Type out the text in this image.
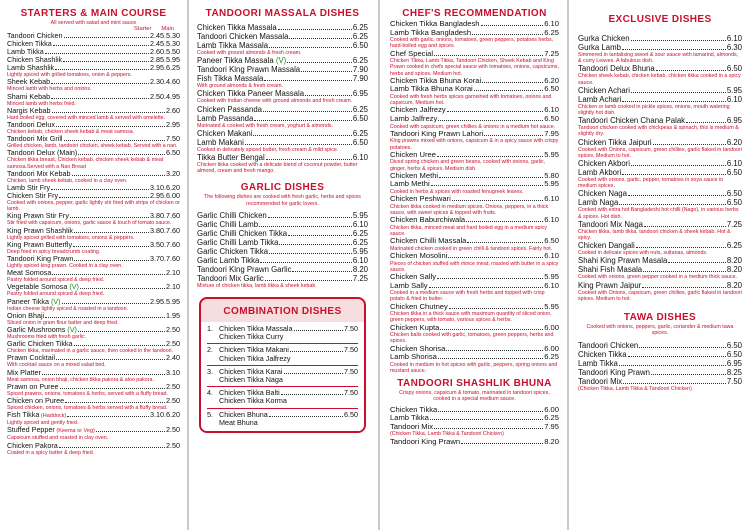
STARTERS & MAIN COURSE
All served with salad and mint sauce
Starter Main
Tandoori Chicken	2.45 . 5.30
Chicken Tikka	2.45 . 5.30
Lamb Tikka	2.60 . 5.50
Chicken Shashlik	2.85 . 5.95
Lamb Shashlik	2.95 . 6.25
Lightly spiced with grilled tomatoes, onion & peppers.
Sheek Kebab	2.30 . 4.60
Minced lamb with herbs and onions.
Shami Kebab	2.50 . 4.95
Minced lamb with herbs fried.
Nargis Kebab	2.60
Hard boiled egg, covered with minced lamb & served with omelette.
Tandoori Delux	2.95
Chicken kebab, chicken sheek kebab & meat samosa.
Tandoori Mix Grill	7.50
Grilled chicken, lamb, tandoori chicken, sheek kebab. Served with a nan.
Tandoori Delux (Main)	6.50
Chicken tikka breast, Chicken kebab, chicken sheek kebab & meat samosa.Served with a Nan Bread
Tandoori Mix Kebab	3.20
Chicken, lamb sheek kebab, cooked in a clay oven.
Lamb Stir Fry	3.10 . 6.20
Chicken Stir Fry	2.95 . 6.00
Cooked with onions, pepper, garlic lightly stir fried with strips of chicken or lamb.
King Prawn Stir Fry	3.80 . 7.60
Stir fried with capsicum, onions, garlic sauce & touch of tomato sauce.
King Prawn Shashlik	3.80 . 7.60
Lightly spiced grilled with tomatoes, onions & peppers.
King Prawn Butterfly	3.50 . 7.60
Deep fried in spicy breadcrumb coating.
Tandoori King Prawn	3.70 . 7.60
Lightly spiced king prawn. Cooked in a clay oven.
Meat Somosa	2.10
Pastry folded around spiced & deep fried.
Vegetable Somosa (V)	2.10
Pastry folded around spiced & deep fried.
Paneer Tikka (V)	2.95 . 5.95
Indian cheese lightly spiced & roasted in a tandoori.
Onion Bhaji	1.95
Sliced onion in gram flour batter and deep fried.
Garlic Mushrooms (V)	2.50
Mushrooms fried with fresh garlic.
Garlic Chicken Tikka	2.50
Chicken tikka, marinated in a garlic sauce, then cooked in the tandoori.
Prawn Cocktail	2.40
With cocktail sauce on a mixed salad bed.
Mix Platter	3.10
Meat samosa, onion bhaji, chicken tikka pakora & aloo pakora.
Prawn on Puree	2.50
Spiced prawns, onions, tomatoes & herbs, served with a fluffy bread.
Chicken on Puree	2.50
Spiced chicken, onions, tomatoes & herbs served with a fluffy bread.
Fish Tikka (Haddock)	3.10 . 6.20
Lightly spiced and gently fried.
Stuffed Pepper (Keema or Veg)	2.50
Capsicum stuffed and roasted in clay oven.
Chicken Pakora	2.50
Coated in a spicy batter & deep fried.
TANDOORI MASSALA DISHES
Chicken Tikka Massala	6.25
Tandoori Chicken Massala	6.25
Lamb Tikka Massala	6.50
Cooked with ground almonds & fresh cream.
Paneer Tikka Massala (V)	6.25
Tandoori King Prawn Massala	7.90
Fish Tikka Massala	7.90
With ground almonds & fresh cream.
Chicken Tikka Paneer Massala	6.95
Cooked with Indian cheese with ground almonds and fresh cream.
Chicken Passanda	6.25
Lamb Passanda	6.50
Marinated & cooked with fresh cream, yoghurt & almonds.
Chicken Makani	6.25
Lamb Makani	6.50
Cooked in delicately spiced butter, fresh cream & mild spice.
Tikka Butter Bengal	6.10
Chicken tikka cooked with a delicate blend of coconut powder, butter almond, cream and fresh mango.
GARLIC DISHES
The following dishes are cooked with fresh garlic, herbs and spices recommended for garlic lovers.
Garlic Chilli Chicken	5.95
Garlic Chilli Lamb	6.10
Garlic Chilli Chicken Tikka	6.25
Garlic Chilli Lamb Tikka	6.25
Garlic Chicken Tikka	5.95
Garlic Lamb Tikka	6.10
Tandoori King Prawn Garlic	8.20
Tandoori Mix Garlic	7.25
Mixture of chicken tikka, lamb tikka & sheek kebab
COMBINATION DISHES
1. Chicken Tikka Massala	7.50
Chicken Tikka Curry
2. Chicken Tikka Makani	7.50
Chicken Tikka Jalfrezy
3. Chicken Tikka Karai	7.50
Chicken Tikka Naga
4. Chicken Tikka Balti	7.50
Chicken Tikka Korma
5. Chicken Bhuna	6.50
Meat Bhuna
CHEF'S RECOMMENDATION
Chicken Tikka Bangladesh	6.10
Lamb Tikka Bangladesh	6.25
Cooked with garlic, onions, tomatoes, green peppers, potatoes herbs, hard-boiled egg and spices.
Chef Special	7.25
Chicken Tikka, Lamb Tikka, Tandoori Chicken, Sheek Kebab and King Prawn cooked in chefs special sauce with tomatoes, onions, capsicums, herbs and spices. Medium hot.
Chicken Tikka Bhuna Korai	6.20
Lamb Tikka Bhuna Korai	6.50
Cooked with fresh herbs spices garnished with tomatoes, onions and capsicum. Medium hot.
Chicken Jalfrezy	6.10
Lamb Jalfrezy	6.50
Cooked with capsicum, green chillies & onions in a medium hot sauce.
Tandoori King Prawn Lahori	7.95
King prawns mixed with onions, capsicum & in a spicy sauce with crispy potatoes.
Chicken Uree	5.95
Diced spring chicken and green beans, cooked with onions, garlic, ginger, herbs & spices. Medium dish.
Chicken Methi	5.80
Lamb Methi	5.95
Cooked in herbs & spices with roasted fenugreek leaves.
Chicken Peshwari	6.10
Chicken tikka cooked in medium spices. Onions, peppers, in a thick sauce, with sweet spices & topped with fruits.
Chicken Baburchiwala	6.10
Chicken tikka, minced meat and hard boiled egg in a medium spicy sauce.
Chicken Chilli Massala	6.50
Marinated chicken cooked in green chilli & tandoori spices. Fairly hot.
Chicken Mosolini	6.10
Pieces of chicken stuffed with mince meat, roasted with butter in a spicy sauce.
Chicken Sally	5.95
Lamb Sally	6.10
Cooked in a medium sauce with fresh herbs and topped with crisp potato & fried in butter.
Chicken Chutney	5.95
Chicken tikka in a thick sauce with maximum quantity of sliced onion, green peppers, with tomato, various spices & herbs.
Chicken Kupta	6.00
Chicken balls cooked with garlic, tomatoes, green peppers, herbs and spices.
Chicken Shorisa	6.00
Lamb Shorisa	6.25
Cooked in medium to hot spices with garlic, peppers, spring onions and mustard sauce.
TANDOORI SHASHLIK BHUNA
Crispy onions, capsicum & tomato, marinated in tandoori spices, cooked in a special medium sauce.
Chicken Tikka	6.00
Lamb Tikka	6.25
Tandoori Mix	7.95
(Chicken Tikka, Lamb Tikka & Tandoori Chicken)
Tandoori King Prawn	8.20
EXCLUSIVE DISHES
Gurka Chicken	6.10
Gurka Lamb	6.30
Simmered in tantalising sweet & sour sauce with tamarind, almonds, & curry Leaves. A fabulous dish.
Tandoori Delux Bhuna	6.50
Chicken sheek kebab, chicken kebab, chicken tikka cooked in a spicy sauce.
Chicken Achari	5.95
Lamb Achari	6.10
Chicken or lamb cooked in pickle spices, onions, mouth watering slightly hot dish.
Tandoori Chicken Chana Palak	6.95
Tandoori chicken cooked with chickpeas & spinach, this is medium & slightly dry.
Chicken Tikka Jaipuri	6.20
Cooked with Onions, capsicum, green chillies, garlic flaked in tandoori spices. Medium to hot.
Chicken Akbori	6.10
Lamb Akbori	6.50
Cooked with onions, garlic, pepper, tomatoes in soya sauce in medium spices.
Chicken Naga	6.50
Lamb Naga	6.50
Cooked with extra hot Bangladeshi hot chilli (Nago), in various herbs & spices. Hot dish.
Tandoori Mix Naga	7.25
Chicken tikka, lamb tikka, tandoori chicken & sheek kebab. Hot & spicy.
Chicken Dangali	6.25
Cooked in delicate spices with nuts, sultanas, almonds.
Shahi King Prawn Masala	8.20
Shahi Fish Masala	8.20
Cooked with onions, green pepper cooked in a medium thick sauce.
King Prawn Jaipur	8.20
Cooked with Onions, capsicum, green chillies, garlic flaked in tandoori spices. Medium to hot.
TAWA DISHES
Cooked with onions, peppers, garlic, coriander & medium tawa spices.
Tandoori Chicken	6.50
Chicken Tikka	6.50
Lamb Tikka	6.95
Tandoori King Prawn	8.25
Tandoori Mix	7.50
(Chicken Tikka, Lamb Tikka & Tandoori Chicken)
